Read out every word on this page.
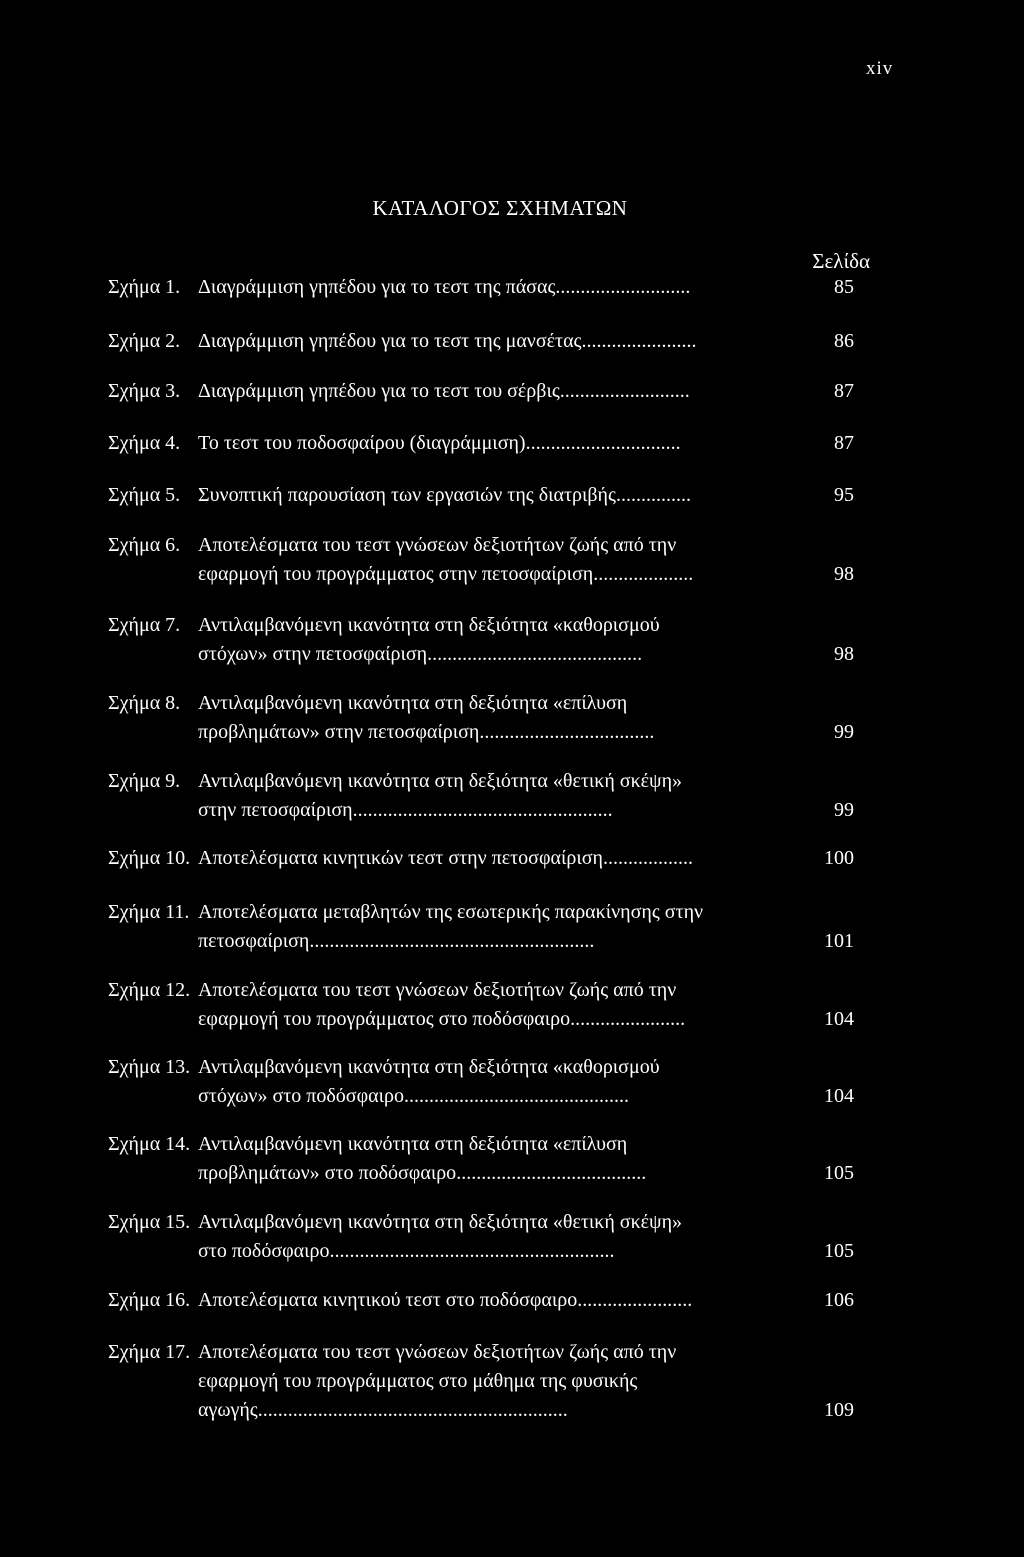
xiv
ΚΑΤΑΛΟΓΟΣ ΣΧΗΜΑΤΩΝ
Σελίδα
85
Σχήμα 1. Διαγράμμιση γηπέδου για το τεστ της πάσας...........................
86
Σχήμα 2. Διαγράμμιση γηπέδου για το τεστ της μανσέτας.......................
87
Σχήμα 3. Διαγράμμιση γηπέδου για το τεστ του σέρβις..........................
87
Σχήμα 4. Το τεστ του ποδοσφαίρου (διαγράμμιση)...............................
95
Σχήμα 5. Συνοπτική παρουσίαση των εργασιών της διατριβής...............
Σχήμα 6. Αποτελέσματα του τεστ γνώσεων δεξιοτήτων ζωής από την
98
εφαρμογή του προγράμματος στην πετοσφαίριση....................
Σχήμα 7. Αντιλαμβανόμενη ικανότητα στη δεξιότητα «καθορισμού
98
στόχων» στην πετοσφαίριση...........................................
Σχήμα 8. Αντιλαμβανόμενη ικανότητα στη δεξιότητα «επίλυση
99
προβλημάτων» στην πετοσφαίριση...................................
Σχήμα 9. Αντιλαμβανόμενη ικανότητα στη δεξιότητα «θετική σκέψη»
99
στην πετοσφαίριση....................................................
100
Σχήμα 10. Αποτελέσματα κινητικών τεστ στην πετοσφαίριση..................
Σχήμα 11. Αποτελέσματα μεταβλητών της εσωτερικής παρακίνησης στην
101
πετοσφαίριση.........................................................
Σχήμα 12. Αποτελέσματα του τεστ γνώσεων δεξιοτήτων ζωής από την
104
εφαρμογή του προγράμματος στο ποδόσφαιρο.......................
Σχήμα 13. Αντιλαμβανόμενη ικανότητα στη δεξιότητα «καθορισμού
104
στόχων» στο ποδόσφαιρο.............................................
Σχήμα 14. Αντιλαμβανόμενη ικανότητα στη δεξιότητα «επίλυση
105
προβλημάτων» στο ποδόσφαιρο......................................
Σχήμα 15. Αντιλαμβανόμενη ικανότητα στη δεξιότητα «θετική σκέψη»
105
στο ποδόσφαιρο.........................................................
106
Σχήμα 16. Αποτελέσματα κινητικού τεστ στο ποδόσφαιρο.......................
Σχήμα 17. Αποτελέσματα του τεστ γνώσεων δεξιοτήτων ζωής από την
εφαρμογή του προγράμματος στο μάθημα της φυσικής
109
αγωγής..............................................................
